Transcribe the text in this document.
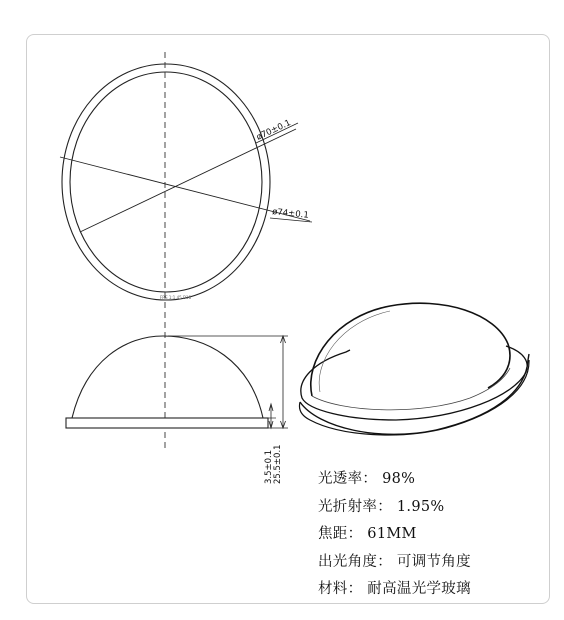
ø70±0.1
ø74±0.1
FRE 1:1.45 D18
3.5±0.1 25.5±0.1 光透率： 98%
光折射率： 1.95%
焦距： 61MM
出光角度： 可调节角度
材料： 耐高温光学玻璃
